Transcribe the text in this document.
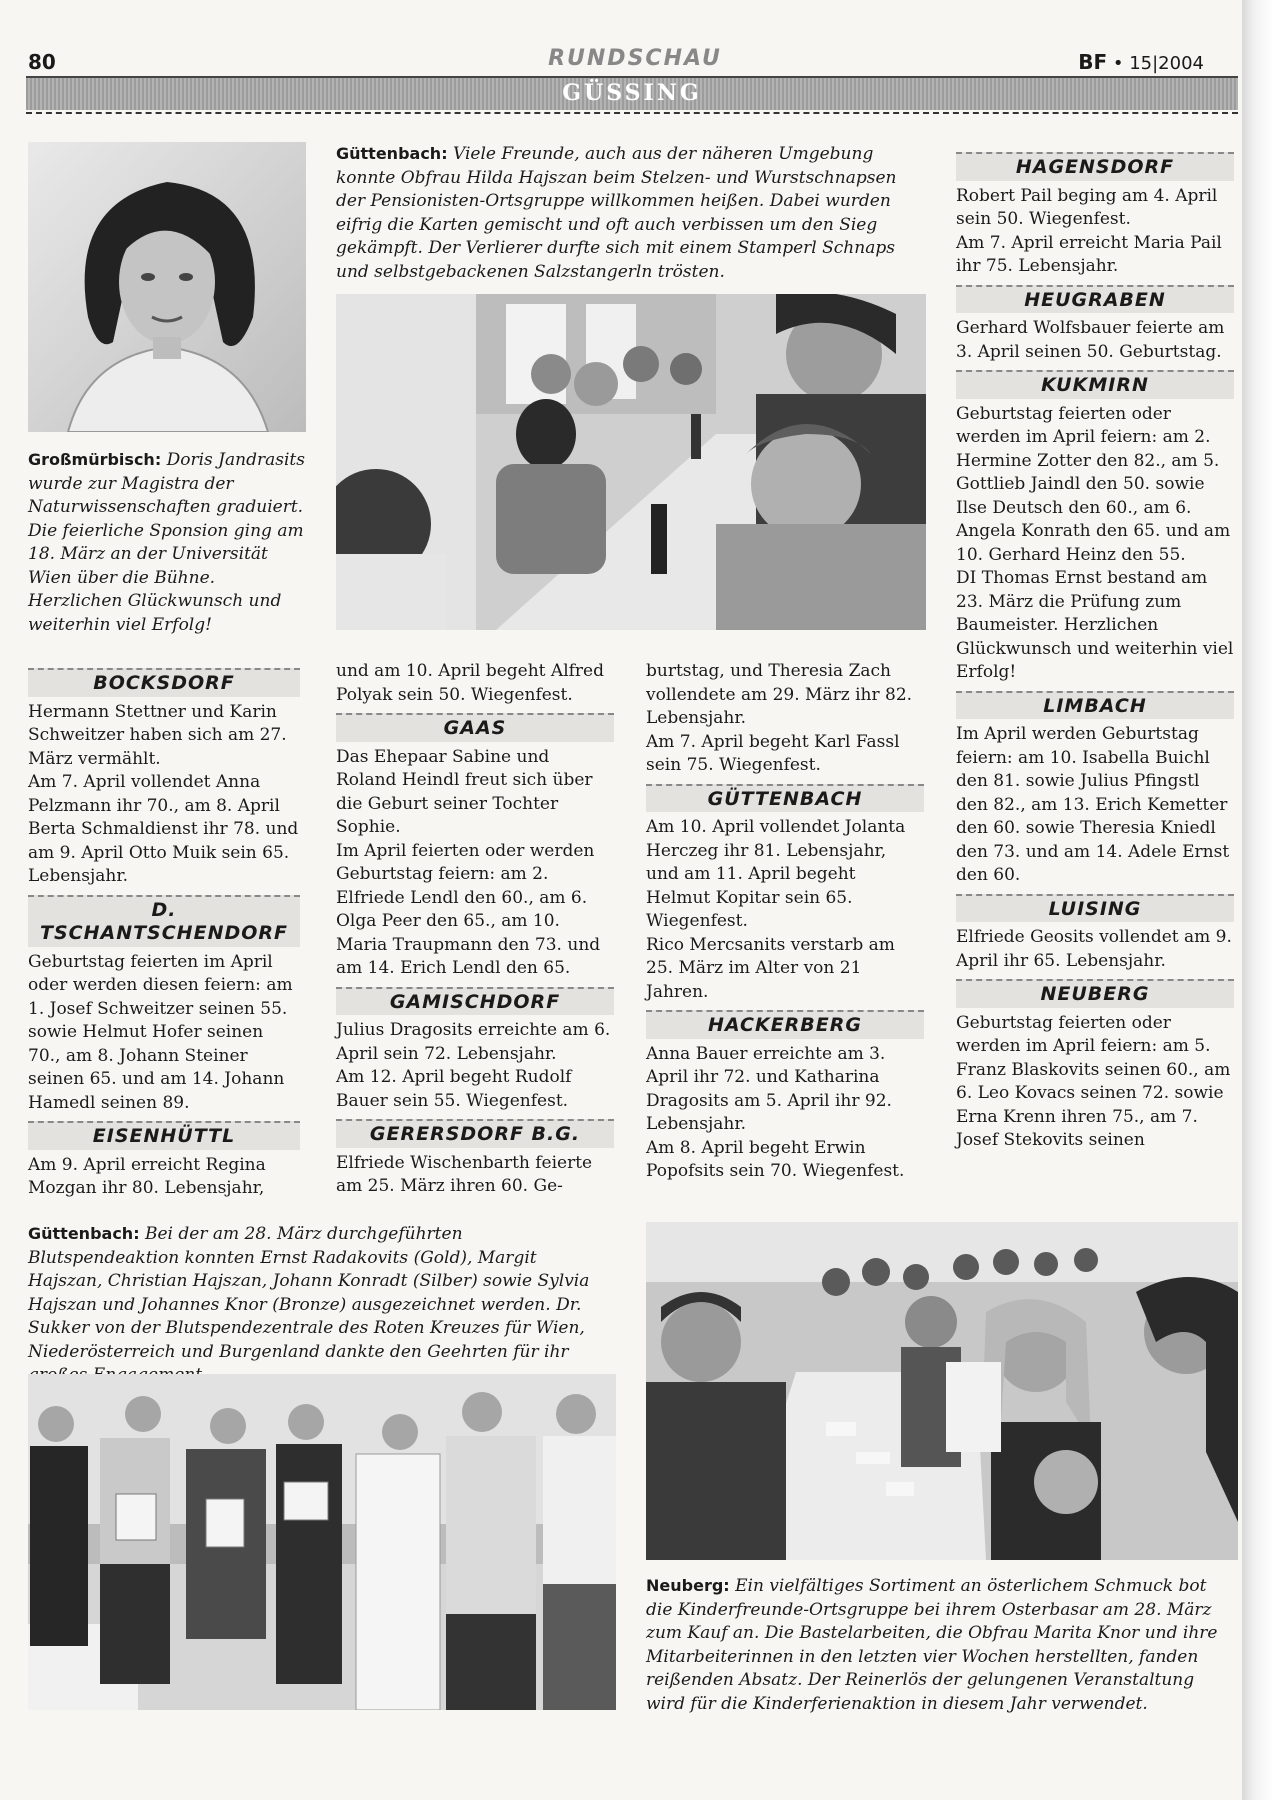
80	RUNDSCHAU	BF • 15|2004
GÜSSING
Großmürbisch: Doris Jandrasits wurde zur Magistra der Naturwissenschaften graduiert. Die feierliche Sponsion ging am 18. März an der Universität Wien über die Bühne. Herzlichen Glückwunsch und weiterhin viel Erfolg!
Güttenbach: Viele Freunde, auch aus der näheren Umgebung konnte Obfrau Hilda Hajszan beim Stelzen- und Wurstschnapsen der Pensionisten-Ortsgruppe willkommen heißen. Dabei wurden eifrig die Karten gemischt und oft auch verbissen um den Sieg gekämpft. Der Verlierer durfte sich mit einem Stamperl Schnaps und selbstgebackenen Salzstangerln trösten.
BOCKSDORF

Hermann Stettner und Karin Schweitzer haben sich am 27. März vermählt.

Am 7. April vollendet Anna Pelzmann ihr 70., am 8. April Berta Schmaldienst ihr 78. und am 9. April Otto Muik sein 65. Lebensjahr.

D. TSCHANTSCHENDORF

Geburtstag feierten im April oder werden diesen feiern: am 1. Josef Schweitzer seinen 55. sowie Helmut Hofer seinen 70., am 8. Johann Steiner seinen 65. und am 14. Johann Hamedl seinen 89.

EISENHÜTTL

Am 9. April erreicht Regina Mozgan ihr 80. Lebensjahr,

und am 10. April begeht Alfred Polyak sein 50. Wiegenfest.

GAAS

Das Ehepaar Sabine und Roland Heindl freut sich über die Geburt seiner Tochter Sophie.

Im April feierten oder werden Geburtstag feiern: am 2. Elfriede Lendl den 60., am 6. Olga Peer den 65., am 10. Maria Traupmann den 73. und am 14. Erich Lendl den 65.

GAMISCHDORF

Julius Dragosits erreichte am 6. April sein 72. Lebensjahr.

Am 12. April begeht Rudolf Bauer sein 55. Wiegenfest.

GERERSDORF B.G.

Elfriede Wischenbarth feierte am 25. März ihren 60. Ge-

burtstag, und Theresia Zach vollendete am 29. März ihr 82. Lebensjahr.

Am 7. April begeht Karl Fassl sein 75. Wiegenfest.

GÜTTENBACH

Am 10. April vollendet Jolanta Herczeg ihr 81. Lebensjahr, und am 11. April begeht Helmut Kopitar sein 65. Wiegenfest.

Rico Mercsanits verstarb am 25. März im Alter von 21 Jahren.

HACKERBERG

Anna Bauer erreichte am 3. April ihr 72. und Katharina Dragosits am 5. April ihr 92. Lebensjahr.

Am 8. April begeht Erwin Popofsits sein 70. Wiegenfest.

HAGENSDORF

Robert Pail beging am 4. April sein 50. Wiegenfest.

Am 7. April erreicht Maria Pail ihr 75. Lebensjahr.

HEUGRABEN

Gerhard Wolfsbauer feierte am 3. April seinen 50. Geburtstag.

KUKMIRN

Geburtstag feierten oder werden im April feiern: am 2. Hermine Zotter den 82., am 5. Gottlieb Jaindl den 50. sowie Ilse Deutsch den 60., am 6. Angela Konrath den 65. und am 10. Gerhard Heinz den 55.

DI Thomas Ernst bestand am 23. März die Prüfung zum Baumeister. Herzlichen Glückwunsch und weiterhin viel Erfolg!

LIMBACH

Im April werden Geburtstag feiern: am 10. Isabella Buichl den 81. sowie Julius Pfingstl den 82., am 13. Erich Kemetter den 60. sowie Theresia Kniedl den 73. und am 14. Adele Ernst den 60.

LUISING

Elfriede Geosits vollendet am 9. April ihr 65. Lebensjahr.

NEUBERG

Geburtstag feierten oder werden im April feiern: am 5. Franz Blaskovits seinen 60., am 6. Leo Kovacs seinen 72. sowie Erna Krenn ihren 75., am 7. Josef Stekovits seinen

Güttenbach: Bei der am 28. März durchgeführten Blutspendeaktion konnten Ernst Radakovits (Gold), Margit Hajszan, Christian Hajszan, Johann Konradt (Silber) sowie Sylvia Hajszan und Johannes Knor (Bronze) ausgezeichnet werden. Dr. Sukker von der Blutspendezentrale des Roten Kreuzes für Wien, Niederösterreich und Burgenland dankte den Geehrten für ihr
Neuberg: Ein vielfältiges Sortiment an österlichem Schmuck bot die Kinderfreunde-Ortsgruppe bei ihrem Osterbasar am 28. März zum Kauf an. Die Bastelarbeiten, die Obfrau Marita Knor und ihre Mitarbeiterinnen in den letzten vier Wochen herstellten, fanden reißenden Absatz. Der Reinerlös der gelungenen Veranstaltung wird für die Kinderferienaktion in diesem Jahr verwendet.
